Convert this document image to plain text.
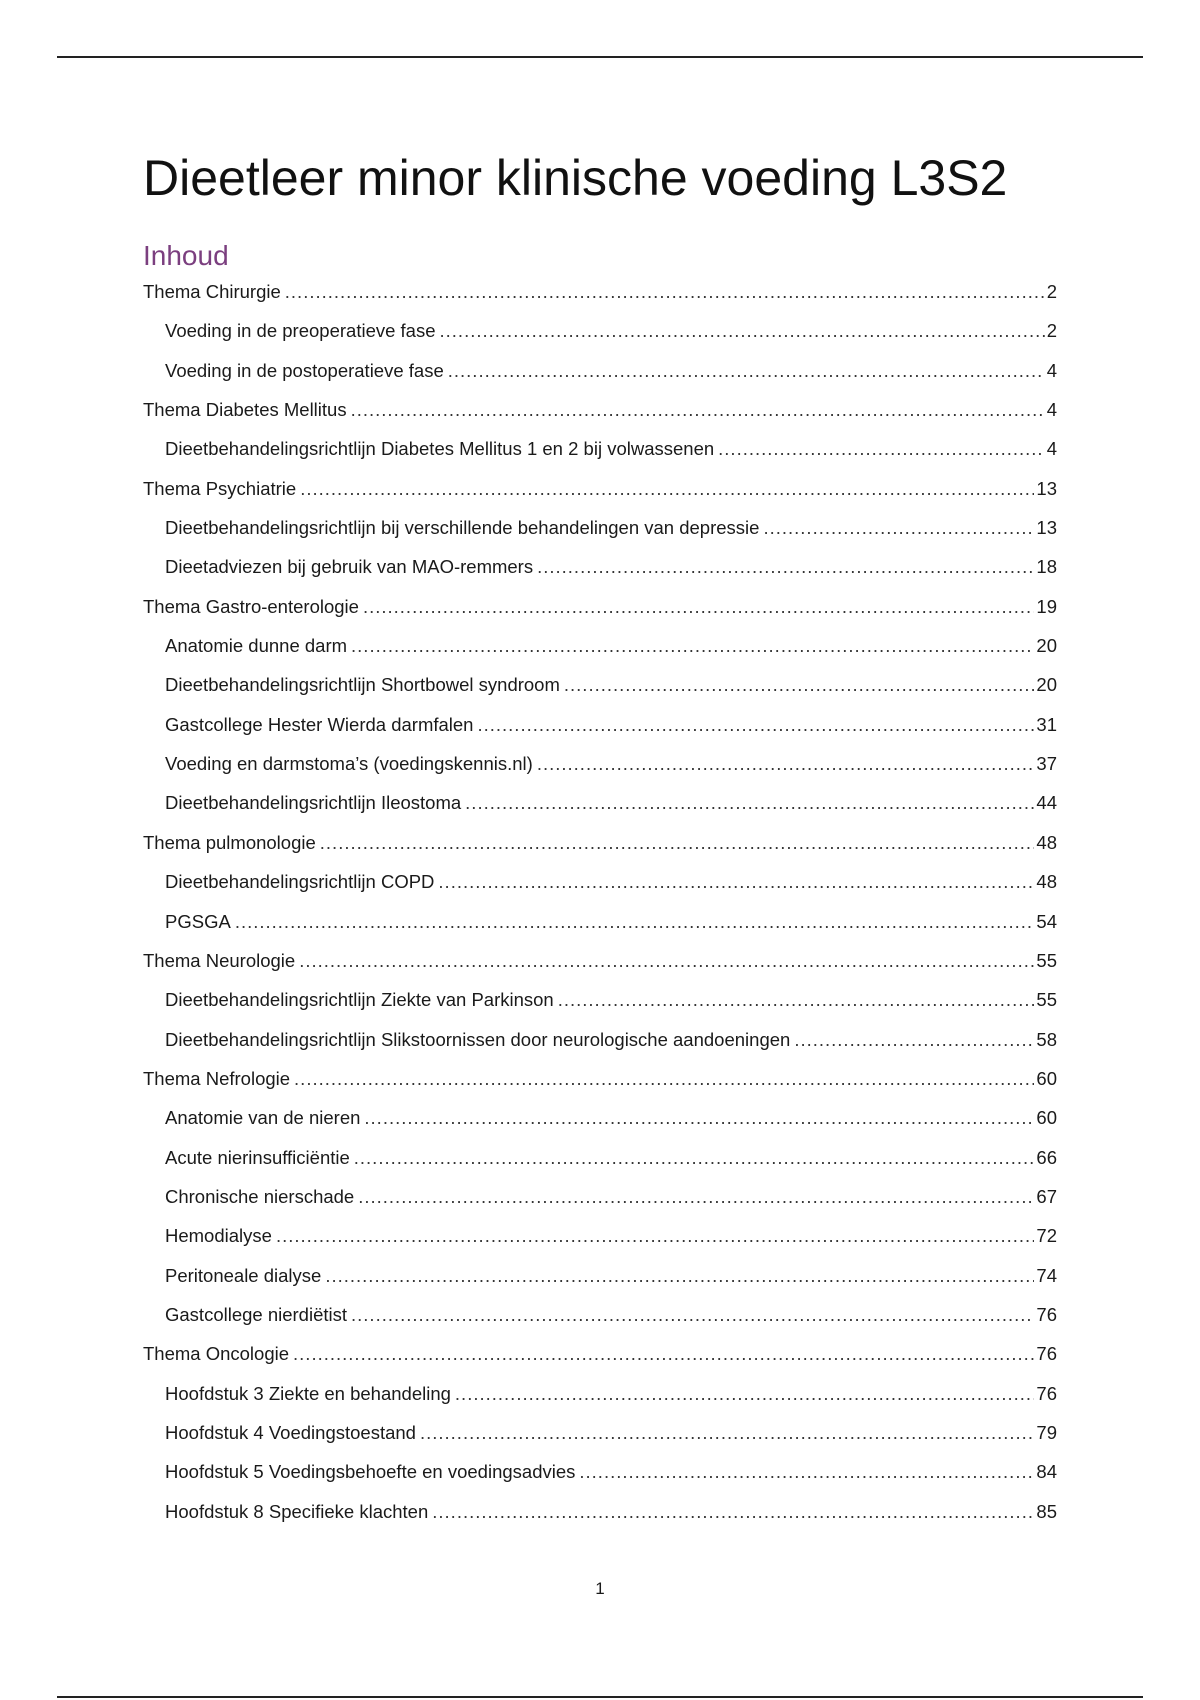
Dieetleer minor klinische voeding L3S2
Inhoud
Thema Chirurgie .....	2
Voeding in de preoperatieve fase .....	2
Voeding in de postoperatieve fase .....	4
Thema Diabetes Mellitus .....	4
Dieetbehandelingsrichtlijn Diabetes Mellitus 1 en 2 bij volwassenen .....	4
Thema Psychiatrie .....	13
Dieetbehandelingsrichtlijn bij verschillende behandelingen van depressie .....	13
Dieetadviezen bij gebruik van MAO-remmers .....	18
Thema Gastro-enterologie .....	19
Anatomie dunne darm .....	20
Dieetbehandelingsrichtlijn Shortbowel syndroom .....	20
Gastcollege Hester Wierda darmfalen .....	31
Voeding en darmstoma’s (voedingskennis.nl) .....	37
Dieetbehandelingsrichtlijn Ileostoma .....	44
Thema pulmonologie .....	48
Dieetbehandelingsrichtlijn COPD .....	48
PGSGA .....	54
Thema Neurologie .....	55
Dieetbehandelingsrichtlijn Ziekte van Parkinson .....	55
Dieetbehandelingsrichtlijn Slikstoornissen door neurologische aandoeningen .....	58
Thema Nefrologie .....	60
Anatomie van de nieren .....	60
Acute nierinsufficiëntie .....	66
Chronische nierschade .....	67
Hemodialyse .....	72
Peritoneale dialyse .....	74
Gastcollege nierdiëtist .....	76
Thema Oncologie .....	76
Hoofdstuk 3 Ziekte en behandeling .....	76
Hoofdstuk 4 Voedingstoestand .....	79
Hoofdstuk 5 Voedingsbehoefte en voedingsadvies .....	84
Hoofdstuk 8 Specifieke klachten .....	85
1
